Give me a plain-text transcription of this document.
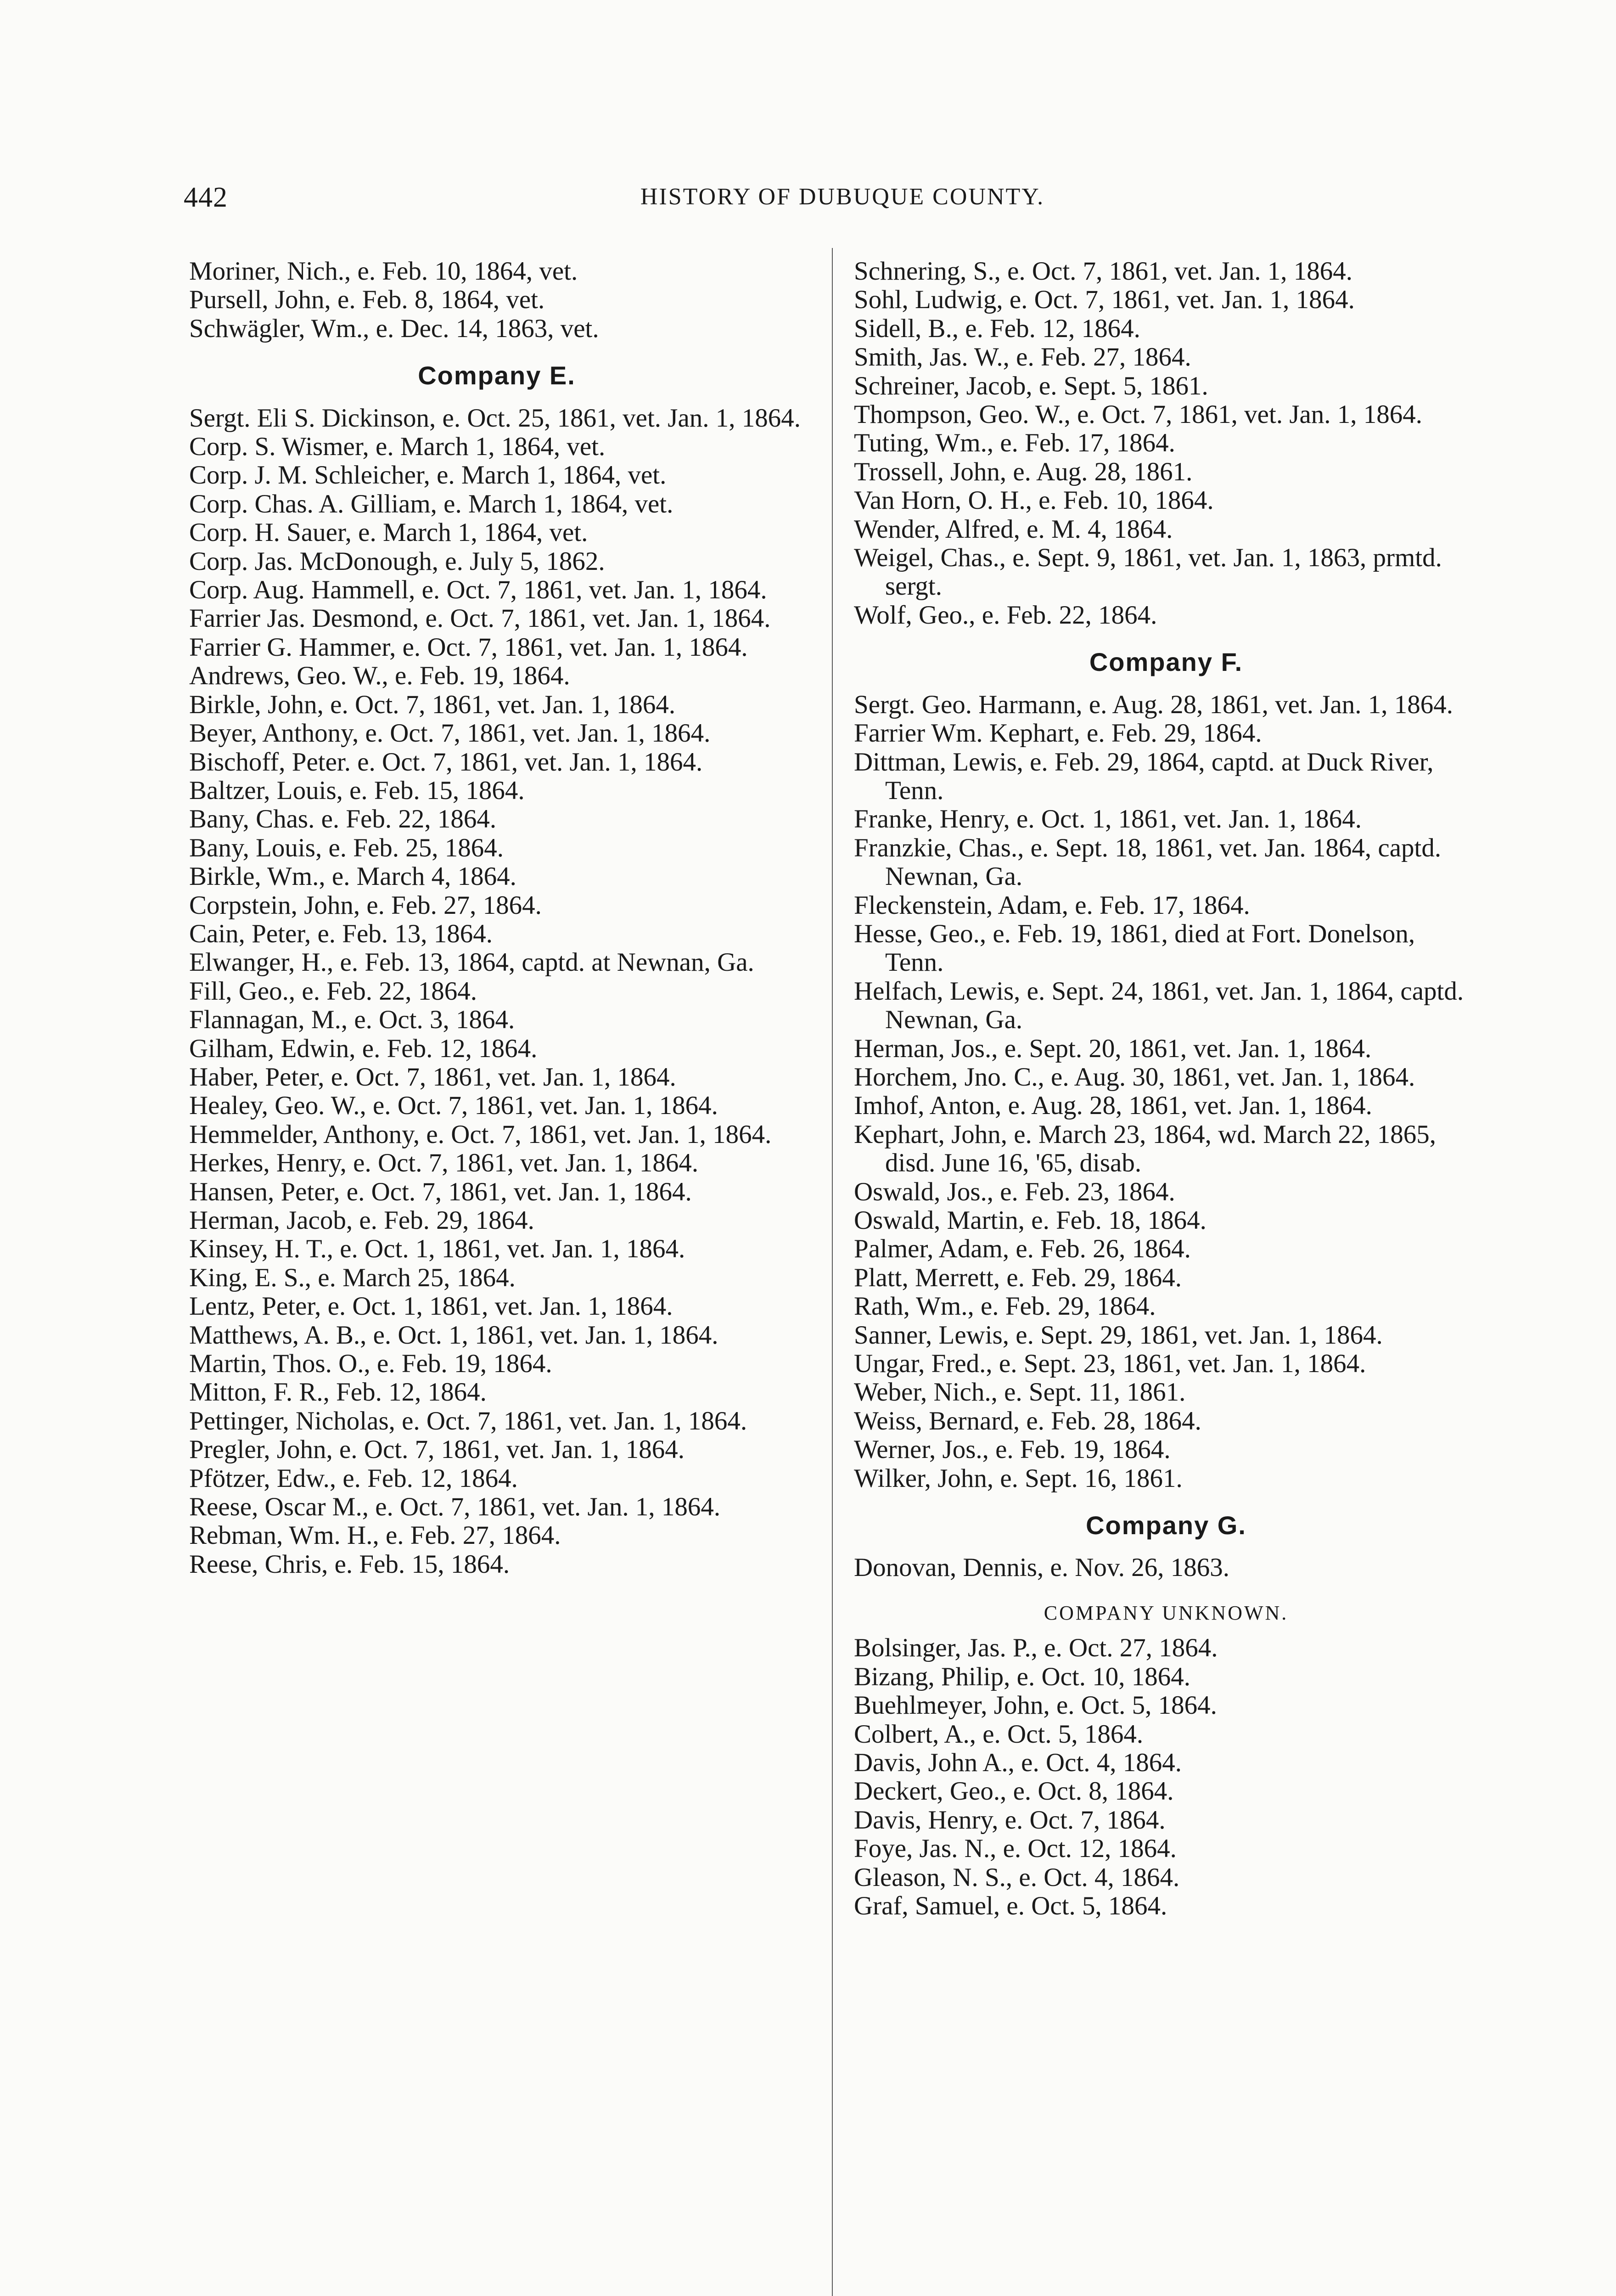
442	HISTORY OF DUBUQUE COUNTY.
Moriner, Nich., e. Feb. 10, 1864, vet.
Pursell, John, e. Feb. 8, 1864, vet.
Schwägler, Wm., e. Dec. 14, 1863, vet.
Company E.
Sergt. Eli S. Dickinson, e. Oct. 25, 1861, vet. Jan. 1, 1864.
Corp. S. Wismer, e. March 1, 1864, vet.
Corp. J. M. Schleicher, e. March 1, 1864, vet.
Corp. Chas. A. Gilliam, e. March 1, 1864, vet.
Corp. H. Sauer, e. March 1, 1864, vet.
Corp. Jas. McDonough, e. July 5, 1862.
Corp. Aug. Hammell, e. Oct. 7, 1861, vet. Jan. 1, 1864.
Farrier Jas. Desmond, e. Oct. 7, 1861, vet. Jan. 1, 1864.
Farrier G. Hammer, e. Oct. 7, 1861, vet. Jan. 1, 1864.
Andrews, Geo. W., e. Feb. 19, 1864.
Birkle, John, e. Oct. 7, 1861, vet. Jan. 1, 1864.
Beyer, Anthony, e. Oct. 7, 1861, vet. Jan. 1, 1864.
Bischoff, Peter. e. Oct. 7, 1861, vet. Jan. 1, 1864.
Baltzer, Louis, e. Feb. 15, 1864.
Bany, Chas. e. Feb. 22, 1864.
Bany, Louis, e. Feb. 25, 1864.
Birkle, Wm., e. March 4, 1864.
Corpstein, John, e. Feb. 27, 1864.
Cain, Peter, e. Feb. 13, 1864.
Elwanger, H., e. Feb. 13, 1864, captd. at Newnan, Ga.
Fill, Geo., e. Feb. 22, 1864.
Flannagan, M., e. Oct. 3, 1864.
Gilham, Edwin, e. Feb. 12, 1864.
Haber, Peter, e. Oct. 7, 1861, vet. Jan. 1, 1864.
Healey, Geo. W., e. Oct. 7, 1861, vet. Jan. 1, 1864.
Hemmelder, Anthony, e. Oct. 7, 1861, vet. Jan. 1, 1864.
Herkes, Henry, e. Oct. 7, 1861, vet. Jan. 1, 1864.
Hansen, Peter, e. Oct. 7, 1861, vet. Jan. 1, 1864.
Herman, Jacob, e. Feb. 29, 1864.
Kinsey, H. T., e. Oct. 1, 1861, vet. Jan. 1, 1864.
King, E. S., e. March 25, 1864.
Lentz, Peter, e. Oct. 1, 1861, vet. Jan. 1, 1864.
Matthews, A. B., e. Oct. 1, 1861, vet. Jan. 1, 1864.
Martin, Thos. O., e. Feb. 19, 1864.
Mitton, F. R., Feb. 12, 1864.
Pettinger, Nicholas, e. Oct. 7, 1861, vet. Jan. 1, 1864.
Pregler, John, e. Oct. 7, 1861, vet. Jan. 1, 1864.
Pfötzer, Edw., e. Feb. 12, 1864.
Reese, Oscar M., e. Oct. 7, 1861, vet. Jan. 1, 1864.
Rebman, Wm. H., e. Feb. 27, 1864.
Reese, Chris, e. Feb. 15, 1864.
Schnering, S., e. Oct. 7, 1861, vet. Jan. 1, 1864.
Sohl, Ludwig, e. Oct. 7, 1861, vet. Jan. 1, 1864.
Sidell, B., e. Feb. 12, 1864.
Smith, Jas. W., e. Feb. 27, 1864.
Schreiner, Jacob, e. Sept. 5, 1861.
Thompson, Geo. W., e. Oct. 7, 1861, vet. Jan. 1, 1864.
Tuting, Wm., e. Feb. 17, 1864.
Trossell, John, e. Aug. 28, 1861.
Van Horn, O. H., e. Feb. 10, 1864.
Wender, Alfred, e. M. 4, 1864.
Weigel, Chas., e. Sept. 9, 1861, vet. Jan. 1, 1863, prmtd. sergt.
Wolf, Geo., e. Feb. 22, 1864.
Company F.
Sergt. Geo. Harmann, e. Aug. 28, 1861, vet. Jan. 1, 1864.
Farrier Wm. Kephart, e. Feb. 29, 1864.
Dittman, Lewis, e. Feb. 29, 1864, captd. at Duck River, Tenn.
Franke, Henry, e. Oct. 1, 1861, vet. Jan. 1, 1864.
Franzkie, Chas., e. Sept. 18, 1861, vet. Jan. 1864, captd. Newnan, Ga.
Fleckenstein, Adam, e. Feb. 17, 1864.
Hesse, Geo., e. Feb. 19, 1861, died at Fort. Donelson, Tenn.
Helfach, Lewis, e. Sept. 24, 1861, vet. Jan. 1, 1864, captd. Newnan, Ga.
Herman, Jos., e. Sept. 20, 1861, vet. Jan. 1, 1864.
Horchem, Jno. C., e. Aug. 30, 1861, vet. Jan. 1, 1864.
Imhof, Anton, e. Aug. 28, 1861, vet. Jan. 1, 1864.
Kephart, John, e. March 23, 1864, wd. March 22, 1865, disd. June 16, '65, disab.
Oswald, Jos., e. Feb. 23, 1864.
Oswald, Martin, e. Feb. 18, 1864.
Palmer, Adam, e. Feb. 26, 1864.
Platt, Merrett, e. Feb. 29, 1864.
Rath, Wm., e. Feb. 29, 1864.
Sanner, Lewis, e. Sept. 29, 1861, vet. Jan. 1, 1864.
Ungar, Fred., e. Sept. 23, 1861, vet. Jan. 1, 1864.
Weber, Nich., e. Sept. 11, 1861.
Weiss, Bernard, e. Feb. 28, 1864.
Werner, Jos., e. Feb. 19, 1864.
Wilker, John, e. Sept. 16, 1861.
Company G.
Donovan, Dennis, e. Nov. 26, 1863.
COMPANY UNKNOWN.
Bolsinger, Jas. P., e. Oct. 27, 1864.
Bizang, Philip, e. Oct. 10, 1864.
Buehlmeyer, John, e. Oct. 5, 1864.
Colbert, A., e. Oct. 5, 1864.
Davis, John A., e. Oct. 4, 1864.
Deckert, Geo., e. Oct. 8, 1864.
Davis, Henry, e. Oct. 7, 1864.
Foye, Jas. N., e. Oct. 12, 1864.
Gleason, N. S., e. Oct. 4, 1864.
Graf, Samuel, e. Oct. 5, 1864.
